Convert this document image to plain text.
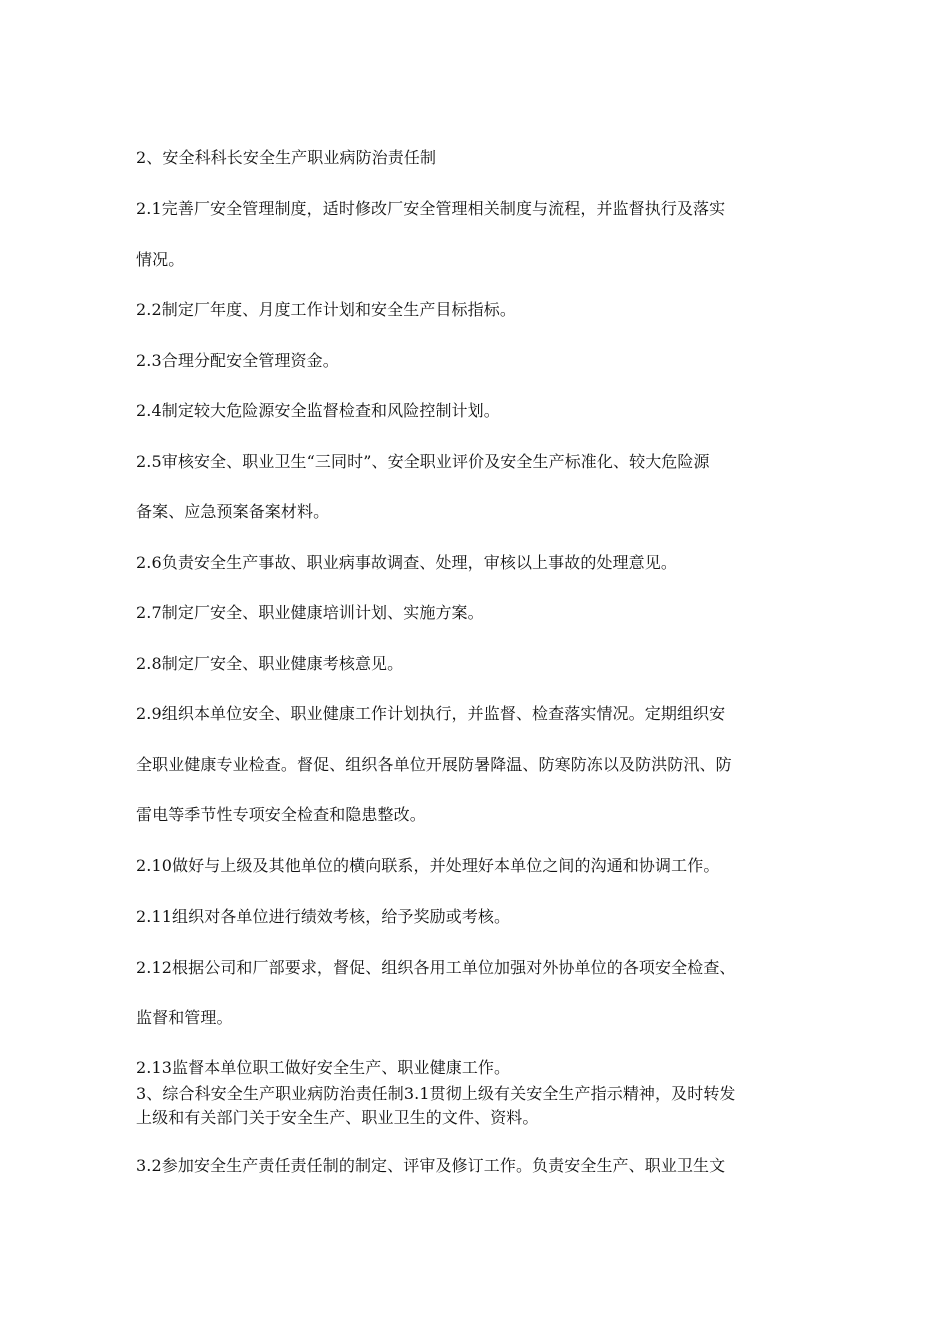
2、安全科科长安全生产职业病防治责任制
2.1完善厂安全管理制度，适时修改厂安全管理相关制度与流程，并监督执行及落实
情况。
2.2制定厂年度、月度工作计划和安全生产目标指标。
2.3合理分配安全管理资金。
2.4制定较大危险源安全监督检查和风险控制计划。
2.5审核安全、职业卫生“三同时”、安全职业评价及安全生产标准化、较大危险源
备案、应急预案备案材料。
2.6负责安全生产事故、职业病事故调查、处理，审核以上事故的处理意见。
2.7制定厂安全、职业健康培训计划、实施方案。
2.8制定厂安全、职业健康考核意见。
2.9组织本单位安全、职业健康工作计划执行，并监督、检查落实情况。定期组织安
全职业健康专业检查。督促、组织各单位开展防暑降温、防寒防冻以及防洪防汛、防
雷电等季节性专项安全检查和隐患整改。
2.10做好与上级及其他单位的横向联系，并处理好本单位之间的沟通和协调工作。
2.11组织对各单位进行绩效考核，给予奖励或考核。
2.12根据公司和厂部要求，督促、组织各用工单位加强对外协单位的各项安全检查、
监督和管理。
2.13监督本单位职工做好安全生产、职业健康工作。
3、综合科安全生产职业病防治责任制3.1贯彻上级有关安全生产指示精神，及时转发
上级和有关部门关于安全生产、职业卫生的文件、资料。
3.2参加安全生产责任责任制的制定、评审及修订工作。负责安全生产、职业卫生文
